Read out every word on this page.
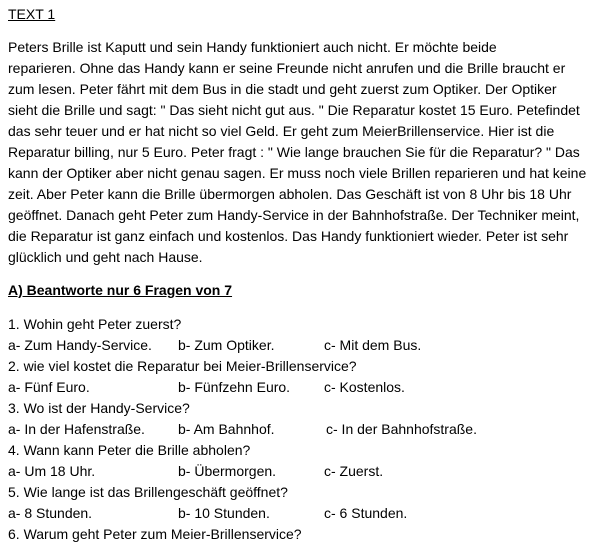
TEXT 1
Peters Brille ist Kaputt und sein Handy funktioniert auch nicht. Er möchte beide
reparieren. Ohne das Handy kann er seine Freunde nicht anrufen und die Brille braucht er
zum lesen. Peter fährt mit dem Bus in die stadt und geht zuerst zum Optiker. Der Optiker
sieht die Brille und sagt: " Das sieht nicht gut aus. " Die Reparatur kostet 15 Euro. Petefindet
das sehr teuer und er hat nicht so viel Geld. Er geht zum MeierBrillenservice. Hier ist die
Reparatur billing, nur 5 Euro. Peter fragt : " Wie lange brauchen Sie für die Reparatur? " Das
kann der Optiker aber nicht genau sagen. Er muss noch viele Brillen reparieren und hat keine
zeit. Aber Peter kann die Brille übermorgen abholen. Das Geschäft ist von 8 Uhr bis 18 Uhr
geöffnet. Danach geht Peter zum Handy-Service in der Bahnhofstraße. Der Techniker meint,
die Reparatur ist ganz einfach und kostenlos. Das Handy funktioniert wieder. Peter ist sehr
glücklich und geht nach Hause.
A) Beantworte nur 6 Fragen von 7
1. Wohin geht Peter zuerst?
a- Zum Handy-Service. b- Zum Optiker.	c- Mit dem Bus.
2. wie viel kostet die Reparatur bei Meier-Brillenservice?
a- Fünf Euro.	b- Fünfzehn Euro. c- Kostenlos.
3. Wo ist der Handy-Service?
a- In der Hafenstraße. b- Am Bahnhof.	c- In der Bahnhofstraße.
4. Wann kann Peter die Brille abholen?
a- Um 18 Uhr.	b- Übermorgen.	c- Zuerst.
5. Wie lange ist das Brillengeschäft geöffnet?
a- 8 Stunden.	b- 10 Stunden.	c- 6 Stunden.
6. Warum geht Peter zum Meier-Brillenservice?
